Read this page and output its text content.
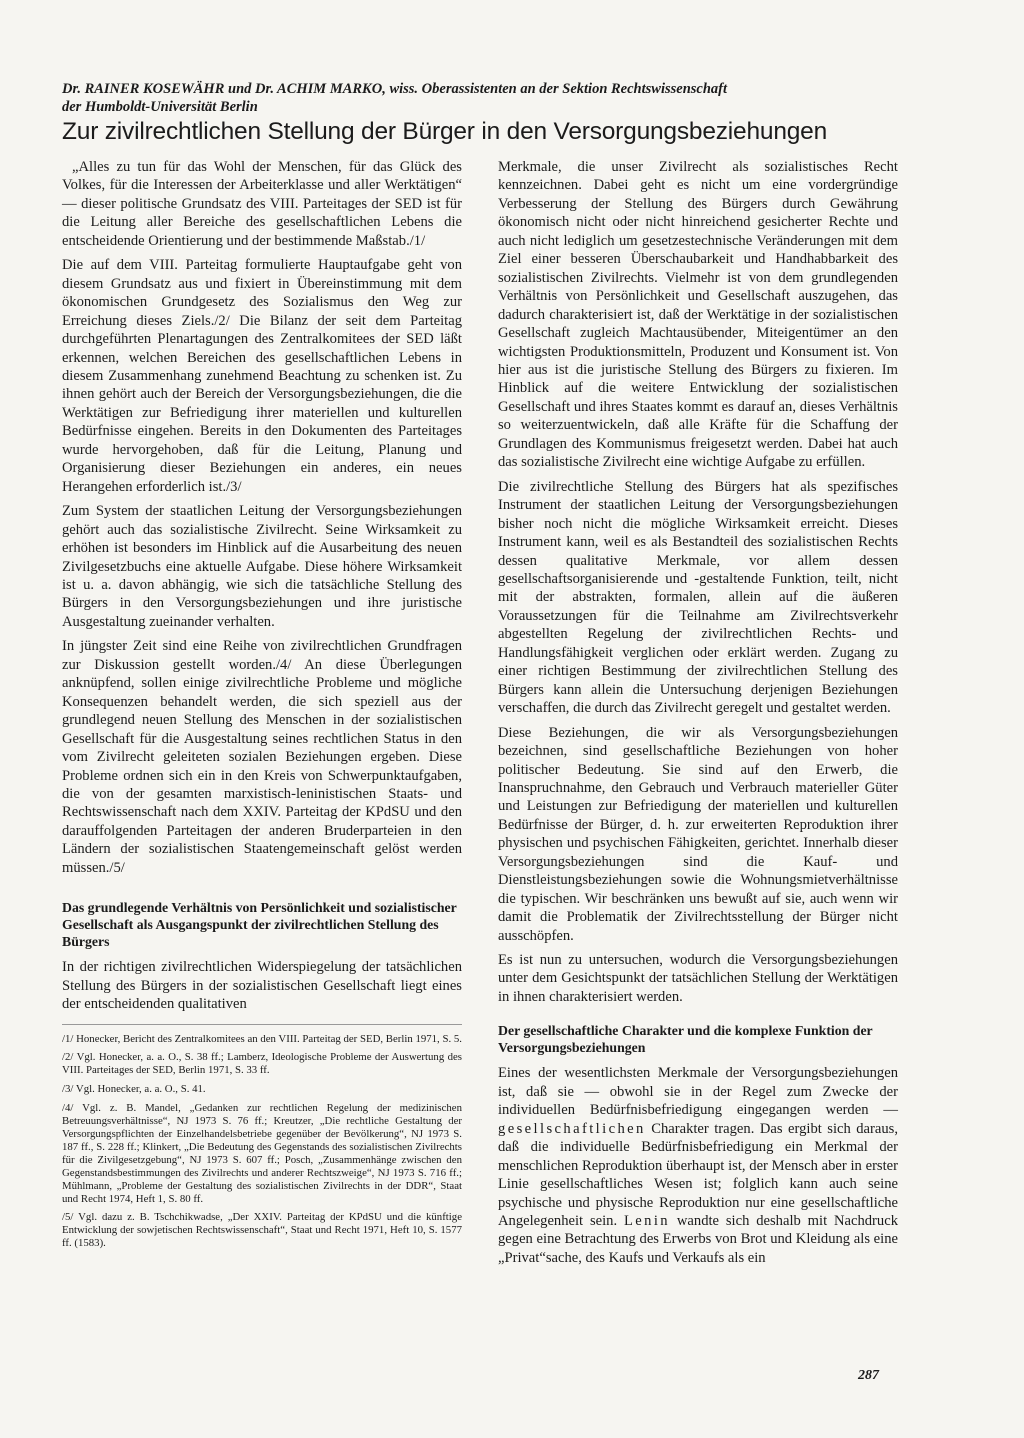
Dr. RAINER KOSEWÄHR und Dr. ACHIM MARKO, wiss. Oberassistenten an der Sektion Rechtswissenschaft
der Humboldt-Universität Berlin
Zur zivilrechtlichen Stellung der Bürger in den Versorgungsbeziehungen

„Alles zu tun für das Wohl der Menschen, für das Glück des Volkes, für die Interessen der Arbeiterklasse und aller Werktätigen“ — dieser politische Grundsatz des VIII. Parteitages der SED ist für die Leitung aller Bereiche des gesellschaftlichen Lebens die entscheidende Orientierung und der bestimmende Maßstab./1/

Die auf dem VIII. Parteitag formulierte Hauptaufgabe geht von diesem Grundsatz aus und fixiert in Übereinstimmung mit dem ökonomischen Grundgesetz des Sozialismus den Weg zur Erreichung dieses Ziels./2/ Die Bilanz der seit dem Parteitag durchgeführten Plenartagungen des Zentralkomitees der SED läßt erkennen, welchen Bereichen des gesellschaftlichen Lebens in diesem Zusammenhang zunehmend Beachtung zu schenken ist. Zu ihnen gehört auch der Bereich der Versorgungsbeziehungen, die die Werktätigen zur Befriedigung ihrer materiellen und kulturellen Bedürfnisse eingehen. Bereits in den Dokumenten des Parteitages wurde hervorgehoben, daß für die Leitung, Planung und Organisierung dieser Beziehungen ein anderes, ein neues Herangehen erforderlich ist./3/

Zum System der staatlichen Leitung der Versorgungsbeziehungen gehört auch das sozialistische Zivilrecht. Seine Wirksamkeit zu erhöhen ist besonders im Hinblick auf die Ausarbeitung des neuen Zivilgesetzbuchs eine aktuelle Aufgabe. Diese höhere Wirksamkeit ist u. a. davon abhängig, wie sich die tatsächliche Stellung des Bürgers in den Versorgungsbeziehungen und ihre juristische Ausgestaltung zueinander verhalten.

In jüngster Zeit sind eine Reihe von zivilrechtlichen Grundfragen zur Diskussion gestellt worden./4/ An diese Überlegungen anknüpfend, sollen einige zivilrechtliche Probleme und mögliche Konsequenzen behandelt werden, die sich speziell aus der grundlegend neuen Stellung des Menschen in der sozialistischen Gesellschaft für die Ausgestaltung seines rechtlichen Status in den vom Zivilrecht geleiteten sozialen Beziehungen ergeben. Diese Probleme ordnen sich ein in den Kreis von Schwerpunktaufgaben, die von der gesamten marxistisch-leninistischen Staats- und Rechtswissenschaft nach dem XXIV. Parteitag der KPdSU und den darauffolgenden Parteitagen der anderen Bruderparteien in den Ländern der sozialistischen Staatengemeinschaft gelöst werden müssen./5/

Das grundlegende Verhältnis von Persönlichkeit und sozialistischer Gesellschaft als Ausgangspunkt der zivilrechtlichen Stellung des Bürgers

In der richtigen zivilrechtlichen Widerspiegelung der tatsächlichen Stellung des Bürgers in der sozialistischen Gesellschaft liegt eines der entscheidenden qualitativen

/1/ Honecker, Bericht des Zentralkomitees an den VIII. Parteitag der SED, Berlin 1971, S. 5.

/2/ Vgl. Honecker, a. a. O., S. 38 ff.; Lamberz, Ideologische Probleme der Auswertung des VIII. Parteitages der SED, Berlin 1971, S. 33 ff.

/3/ Vgl. Honecker, a. a. O., S. 41.

/4/ Vgl. z. B. Mandel, „Gedanken zur rechtlichen Regelung der medizinischen Betreuungsverhältnisse“, NJ 1973 S. 76 ff.; Kreutzer, „Die rechtliche Gestaltung der Versorgungspflichten der Einzelhandelsbetriebe gegenüber der Bevölkerung“, NJ 1973 S. 187 ff., S. 228 ff.; Klinkert, „Die Bedeutung des Gegenstands des sozialistischen Zivilrechts für die Zivilgesetzgebung“, NJ 1973 S. 607 ff.; Posch, „Zusammenhänge zwischen den Gegenstandsbestimmungen des Zivilrechts und anderer Rechtszweige“, NJ 1973 S. 716 ff.; Mühlmann, „Probleme der Gestaltung des sozialistischen Zivilrechts in der DDR“, Staat und Recht 1974, Heft 1, S. 80 ff.

/5/ Vgl. dazu z. B. Tschchikwadse, „Der XXIV. Parteitag der KPdSU und die künftige Entwicklung der sowjetischen Rechtswissenschaft“, Staat und Recht 1971, Heft 10, S. 1577 ff. (1583).

Merkmale, die unser Zivilrecht als sozialistisches Recht kennzeichnen. Dabei geht es nicht um eine vordergründige Verbesserung der Stellung des Bürgers durch Gewährung ökonomisch nicht oder nicht hinreichend gesicherter Rechte und auch nicht lediglich um gesetzestechnische Veränderungen mit dem Ziel einer besseren Überschaubarkeit und Handhabbarkeit des sozialistischen Zivilrechts. Vielmehr ist von dem grundlegenden Verhältnis von Persönlichkeit und Gesellschaft auszugehen, das dadurch charakterisiert ist, daß der Werktätige in der sozialistischen Gesellschaft zugleich Machtausübender, Miteigentümer an den wichtigsten Produktionsmitteln, Produzent und Konsument ist. Von hier aus ist die juristische Stellung des Bürgers zu fixieren. Im Hinblick auf die weitere Entwicklung der sozialistischen Gesellschaft und ihres Staates kommt es darauf an, dieses Verhältnis so weiterzuentwickeln, daß alle Kräfte für die Schaffung der Grundlagen des Kommunismus freigesetzt werden. Dabei hat auch das sozialistische Zivilrecht eine wichtige Aufgabe zu erfüllen.

Die zivilrechtliche Stellung des Bürgers hat als spezifisches Instrument der staatlichen Leitung der Versorgungsbeziehungen bisher noch nicht die mögliche Wirksamkeit erreicht. Dieses Instrument kann, weil es als Bestandteil des sozialistischen Rechts dessen qualitative Merkmale, vor allem dessen gesellschaftsorganisierende und -gestaltende Funktion, teilt, nicht mit der abstrakten, formalen, allein auf die äußeren Voraussetzungen für die Teilnahme am Zivilrechtsverkehr abgestellten Regelung der zivilrechtlichen Rechts- und Handlungsfähigkeit verglichen oder erklärt werden. Zugang zu einer richtigen Bestimmung der zivilrechtlichen Stellung des Bürgers kann allein die Untersuchung derjenigen Beziehungen verschaffen, die durch das Zivilrecht geregelt und gestaltet werden.

Diese Beziehungen, die wir als Versorgungsbeziehungen bezeichnen, sind gesellschaftliche Beziehungen von hoher politischer Bedeutung. Sie sind auf den Erwerb, die Inanspruchnahme, den Gebrauch und Verbrauch materieller Güter und Leistungen zur Befriedigung der materiellen und kulturellen Bedürfnisse der Bürger, d. h. zur erweiterten Reproduktion ihrer physischen und psychischen Fähigkeiten, gerichtet. Innerhalb dieser Versorgungsbeziehungen sind die Kauf- und Dienstleistungsbeziehungen sowie die Wohnungsmietverhältnisse die typischen. Wir beschränken uns bewußt auf sie, auch wenn wir damit die Problematik der Zivilrechtsstellung der Bürger nicht ausschöpfen.

Es ist nun zu untersuchen, wodurch die Versorgungsbeziehungen unter dem Gesichtspunkt der tatsächlichen Stellung der Werktätigen in ihnen charakterisiert werden.

Der gesellschaftliche Charakter und die komplexe Funktion der Versorgungsbeziehungen

Eines der wesentlichsten Merkmale der Versorgungsbeziehungen ist, daß sie — obwohl sie in der Regel zum Zwecke der individuellen Bedürfnisbefriedigung eingegangen werden — gesellschaftlichen Charakter tragen. Das ergibt sich daraus, daß die individuelle Bedürfnisbefriedigung ein Merkmal der menschlichen Reproduktion überhaupt ist, der Mensch aber in erster Linie gesellschaftliches Wesen ist; folglich kann auch seine psychische und physische Reproduktion nur eine gesellschaftliche Angelegenheit sein. Lenin wandte sich deshalb mit Nachdruck gegen eine Betrachtung des Erwerbs von Brot und Kleidung als eine „Privat“sache, des Kaufs und Verkaufs als ein

287
